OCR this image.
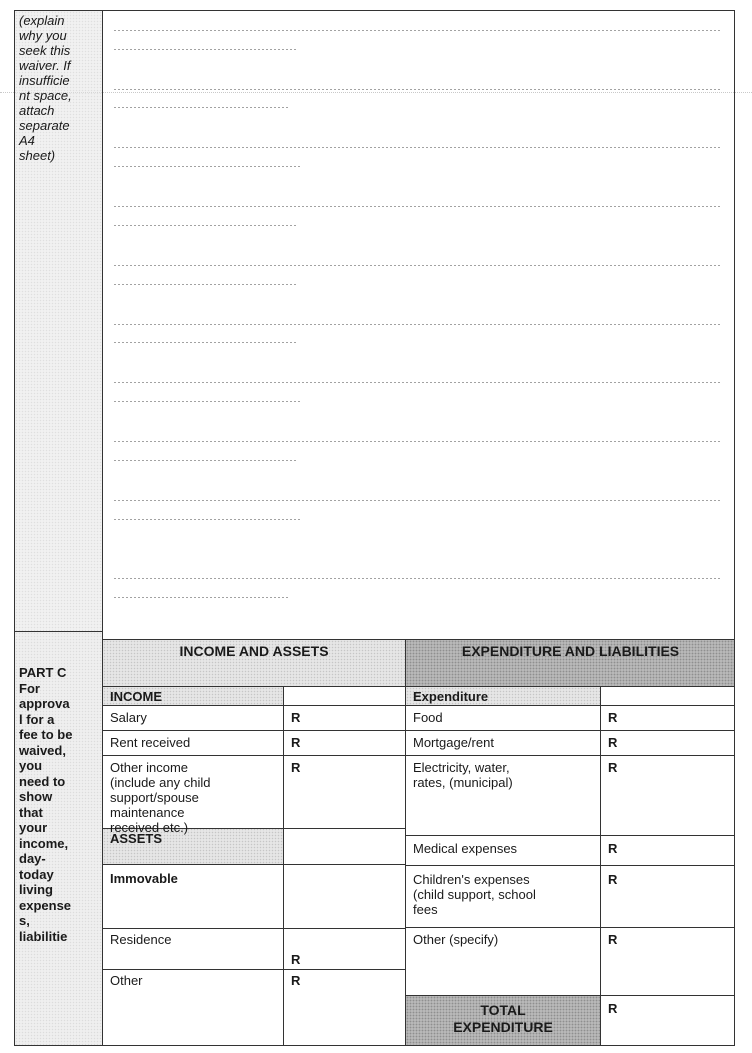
(explain
why you
seek this
waiver. If
insufficie
nt space,
attach
separate
A4
sheet)
PART C
For
approva
l for a
fee to be
waived,
you
need to
show
that
your
income,
day-
today
living
expense
s,
liabilitie
INCOME AND ASSETS	EXPENDITURE AND LIABILITIES
INCOME
Salary	R
Rent received	R
Other income
(include any child
support/spouse
maintenance
received etc.)
R
ASSETS
Immovable
Residence
R
Other	R
Expenditure
Food	R
Mortgage/rent	R
Electricity, water,
rates, (municipal)
R
Medical expenses	R
Children's expenses
(child support, school
fees
R
Other (specify)	R
TOTAL
EXPENDITURE
R
